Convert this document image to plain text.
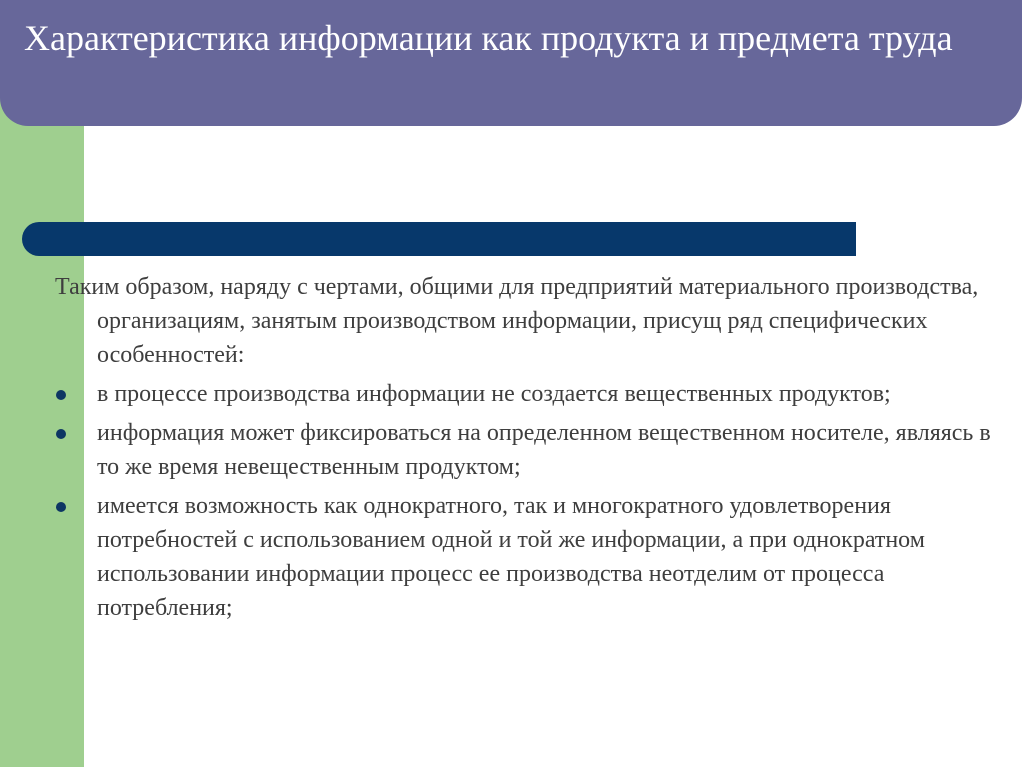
Характеристика информации как продукта и предмета труда

Таким образом, наряду с чертами, общими для предприятий материального производства, организациям, занятым производством информации, присущ ряд специфических особенностей:

в процессе производства информации не создается вещественных продуктов;
информация может фиксироваться на определенном вещественном носителе, являясь в то же время невещественным продуктом;
имеется возможность как однократного, так и многократного удовлетворения потребностей с использованием одной и той же информации, а при однократном использовании информации процесс ее производства неотделим от процесса потребления;
